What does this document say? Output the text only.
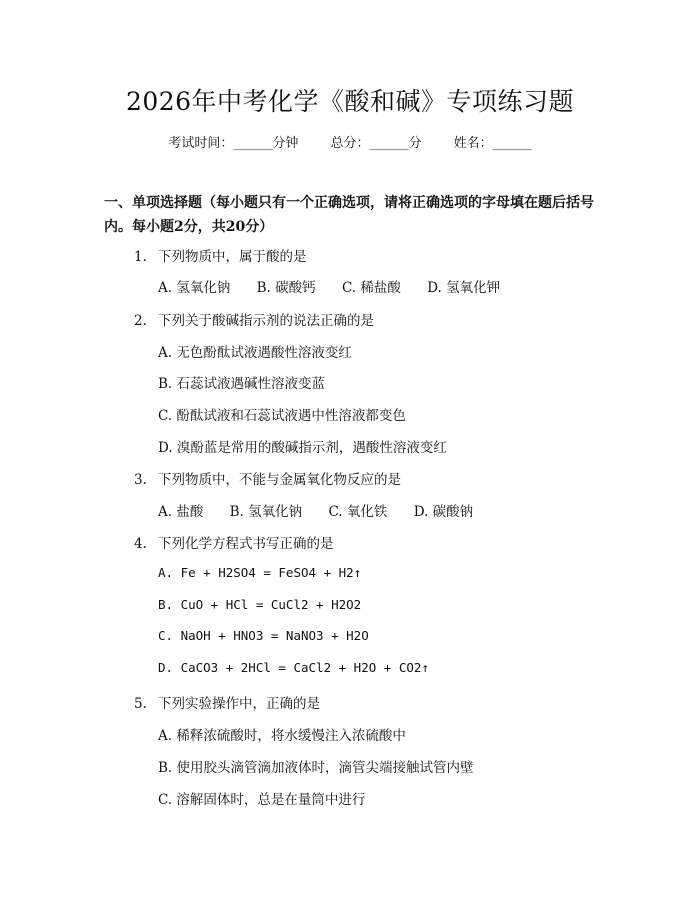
2026年中考化学《酸和碱》专项练习题
考试时间：______分钟 总分：______分 姓名：______
一、单项选择题（每小题只有一个正确选项，请将正确选项的字母填在题后括号内。每小题2分，共20分）
1. 下列物质中，属于酸的是
A. 氢氧化钠 B. 碳酸钙 C. 稀盐酸 D. 氢氧化钾
2. 下列关于酸碱指示剂的说法正确的是
A. 无色酚酞试液遇酸性溶液变红
B. 石蕊试液遇碱性溶液变蓝
C. 酚酞试液和石蕊试液遇中性溶液都变色
D. 溴酚蓝是常用的酸碱指示剂，遇酸性溶液变红
3. 下列物质中，不能与金属氧化物反应的是
A. 盐酸 B. 氢氧化钠 C. 氧化铁 D. 碳酸钠
4. 下列化学方程式书写正确的是
A. Fe + H2SO4 = FeSO4 + H2↑
B. CuO + HCl = CuCl2 + H2O2
C. NaOH + HNO3 = NaNO3 + H2O
D. CaCO3 + 2HCl = CaCl2 + H2O + CO2↑
5. 下列实验操作中，正确的是
A. 稀释浓硫酸时，将水缓慢注入浓硫酸中
B. 使用胶头滴管滴加液体时，滴管尖端接触试管内壁
C. 溶解固体时，总是在量筒中进行
